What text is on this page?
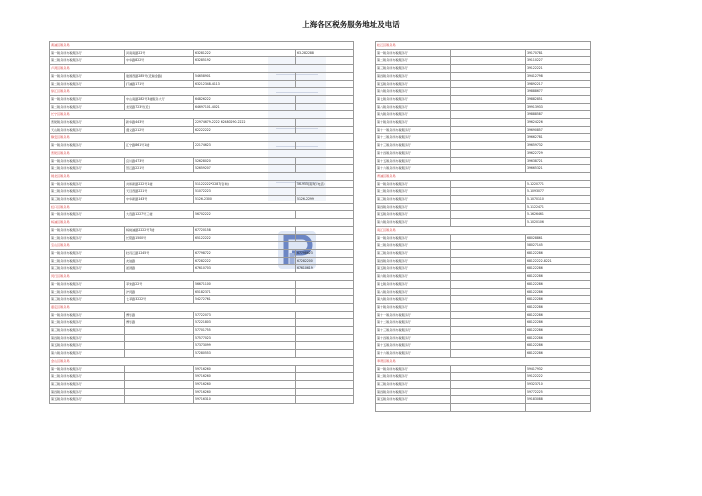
上海各区税务服务地址及电话
黄浦区税务局			
第一税务所办税服务厅	河南南路22号	63281222	63-282288
第二税务所办税服务厅	中华路822号	63285192	
卢湾区税务局			
第一税务所办税服务厅	建国西路285号(近瑞金路)	54658901	
第二税务所办税服务厅	打浦路171号	63212348-4113	
徐汇区税务局			
第一税务所办税服务厅	中山南路282号3楼服务大厅	64826222	
第二税务所办税服务厅	龙吴路723号(近)	64697101-4021	
长宁区税务局			
普陀税务所办税服务厅	新华路443号	22974679-2222 62480290-2222	
天山税务所办税服务厅	遵义路212号	62222222	
静安区税务局			
第一税务所办税服务厅	江宁路861号1楼	22174623	
普陀区税务局			
第一税务所办税服务厅	宜川路473号	52628020	
第二税务所办税服务厅	怒江路221号	52659207	
闸北区税务局			
第一税务所办税服务厅	共和新路222号1楼	51122222*2287(咨询)	56-955(查询) 电话:
第二税务所办税服务厅	天目西路221号	51072223	
第三税务所办税服务厅	中华新路143号	5126-2300	5126-2299
虹口区税务局			
第一税务所办税服务厅	大连路1227号三楼	56702222	
杨浦区税务局			
第一税务所办税服务厅	杨树浦路2222号7楼	67720158	
第二税务所办税服务厅	长阳路1500号	65122222	
宝山区税务局			
第一税务所办税服务厅	牡丹江路1245号	67798722	67798623
第二税务所办税服务厅	友谊路	67282222	67282200
第三税务所办税服务厅	淞滨路	67610703	67610619
闵行区税务局			
第一税务所办税服务厅	莘朱路22号	56671100	
第二税务所办税服务厅	沪闵路	65182371	
第三税务所办税服务厅	七莘路3222号	54272761	
嘉定区税务局			
第一税务所办税服务厅	博乐路	57722073	
第二税务所办税服务厅	博乐路	57221803	
第三税务所办税服务厅		57701755	
第四税务所办税服务厅		57577023	
第五税务所办税服务厅		57373099	
第六税务所办税服务厅		57280553	
金山区税务局			
第一税务所办税服务厅		59716260	
第二税务所办税服务厅		59716260	
第三税务所办税服务厅		59716260	
第四税务所办税服务厅		59716260	
第五税务所办税服务厅		59716310	
松江区税务局		
第一税务所办税服务厅		39170781
第二税务所办税服务厅		39110227
第三税务所办税服务厅		39122221
第四税务所办税服务厅		39412798
第五税务所办税服务厅		39892217
第六税务所办税服务厅		39888677
第七税务所办税服务厅		39882851
第八税务所办税服务厅		39913933
第九税务所办税服务厅		39888587
第十税务所办税服务厅		39624226
第十一税务所办税服务厅		39690857
第十二税务所办税服务厅		39662781
第十三税务所办税服务厅		39659732
第十四税务所办税服务厅		39622729
第十五税务所办税服务厅		39638721
第十六税务所办税服务厅		39665321
青浦区税务局		
第一税务所办税服务厅		5-1220771
第二税务所办税服务厅		5-1093077
第三税务所办税服务厅		5-1070110
第四税务所办税服务厅		5-1122471
第五税务所办税服务厅		5-1626461
第六税务所办税服务厅		5-1020106
南汇区税务局		
第一税务所办税服务厅		68028861
第二税务所办税服务厅		58027145
第三税务所办税服务厅		68122286
第四税务所办税服务厅		68122222-8221
第五税务所办税服务厅		68122286
第六税务所办税服务厅		68122286
第七税务所办税服务厅		68122286
第八税务所办税服务厅		68122286
第九税务所办税服务厅		68122286
第十税务所办税服务厅		68122286
第十一税务所办税服务厅		68122286
第十二税务所办税服务厅		68122286
第十三税务所办税服务厅		68122286
第十四税务所办税服务厅		68122286
第十五税务所办税服务厅		68122286
第十六税务所办税服务厅		68122286
奉贤区税务局		
第一税务所办税服务厅		59417932
第二税务所办税服务厅		59122222
第三税务所办税服务厅		59323710
第四税务所办税服务厅		59772225
第五税务所办税服务厅		59183088
